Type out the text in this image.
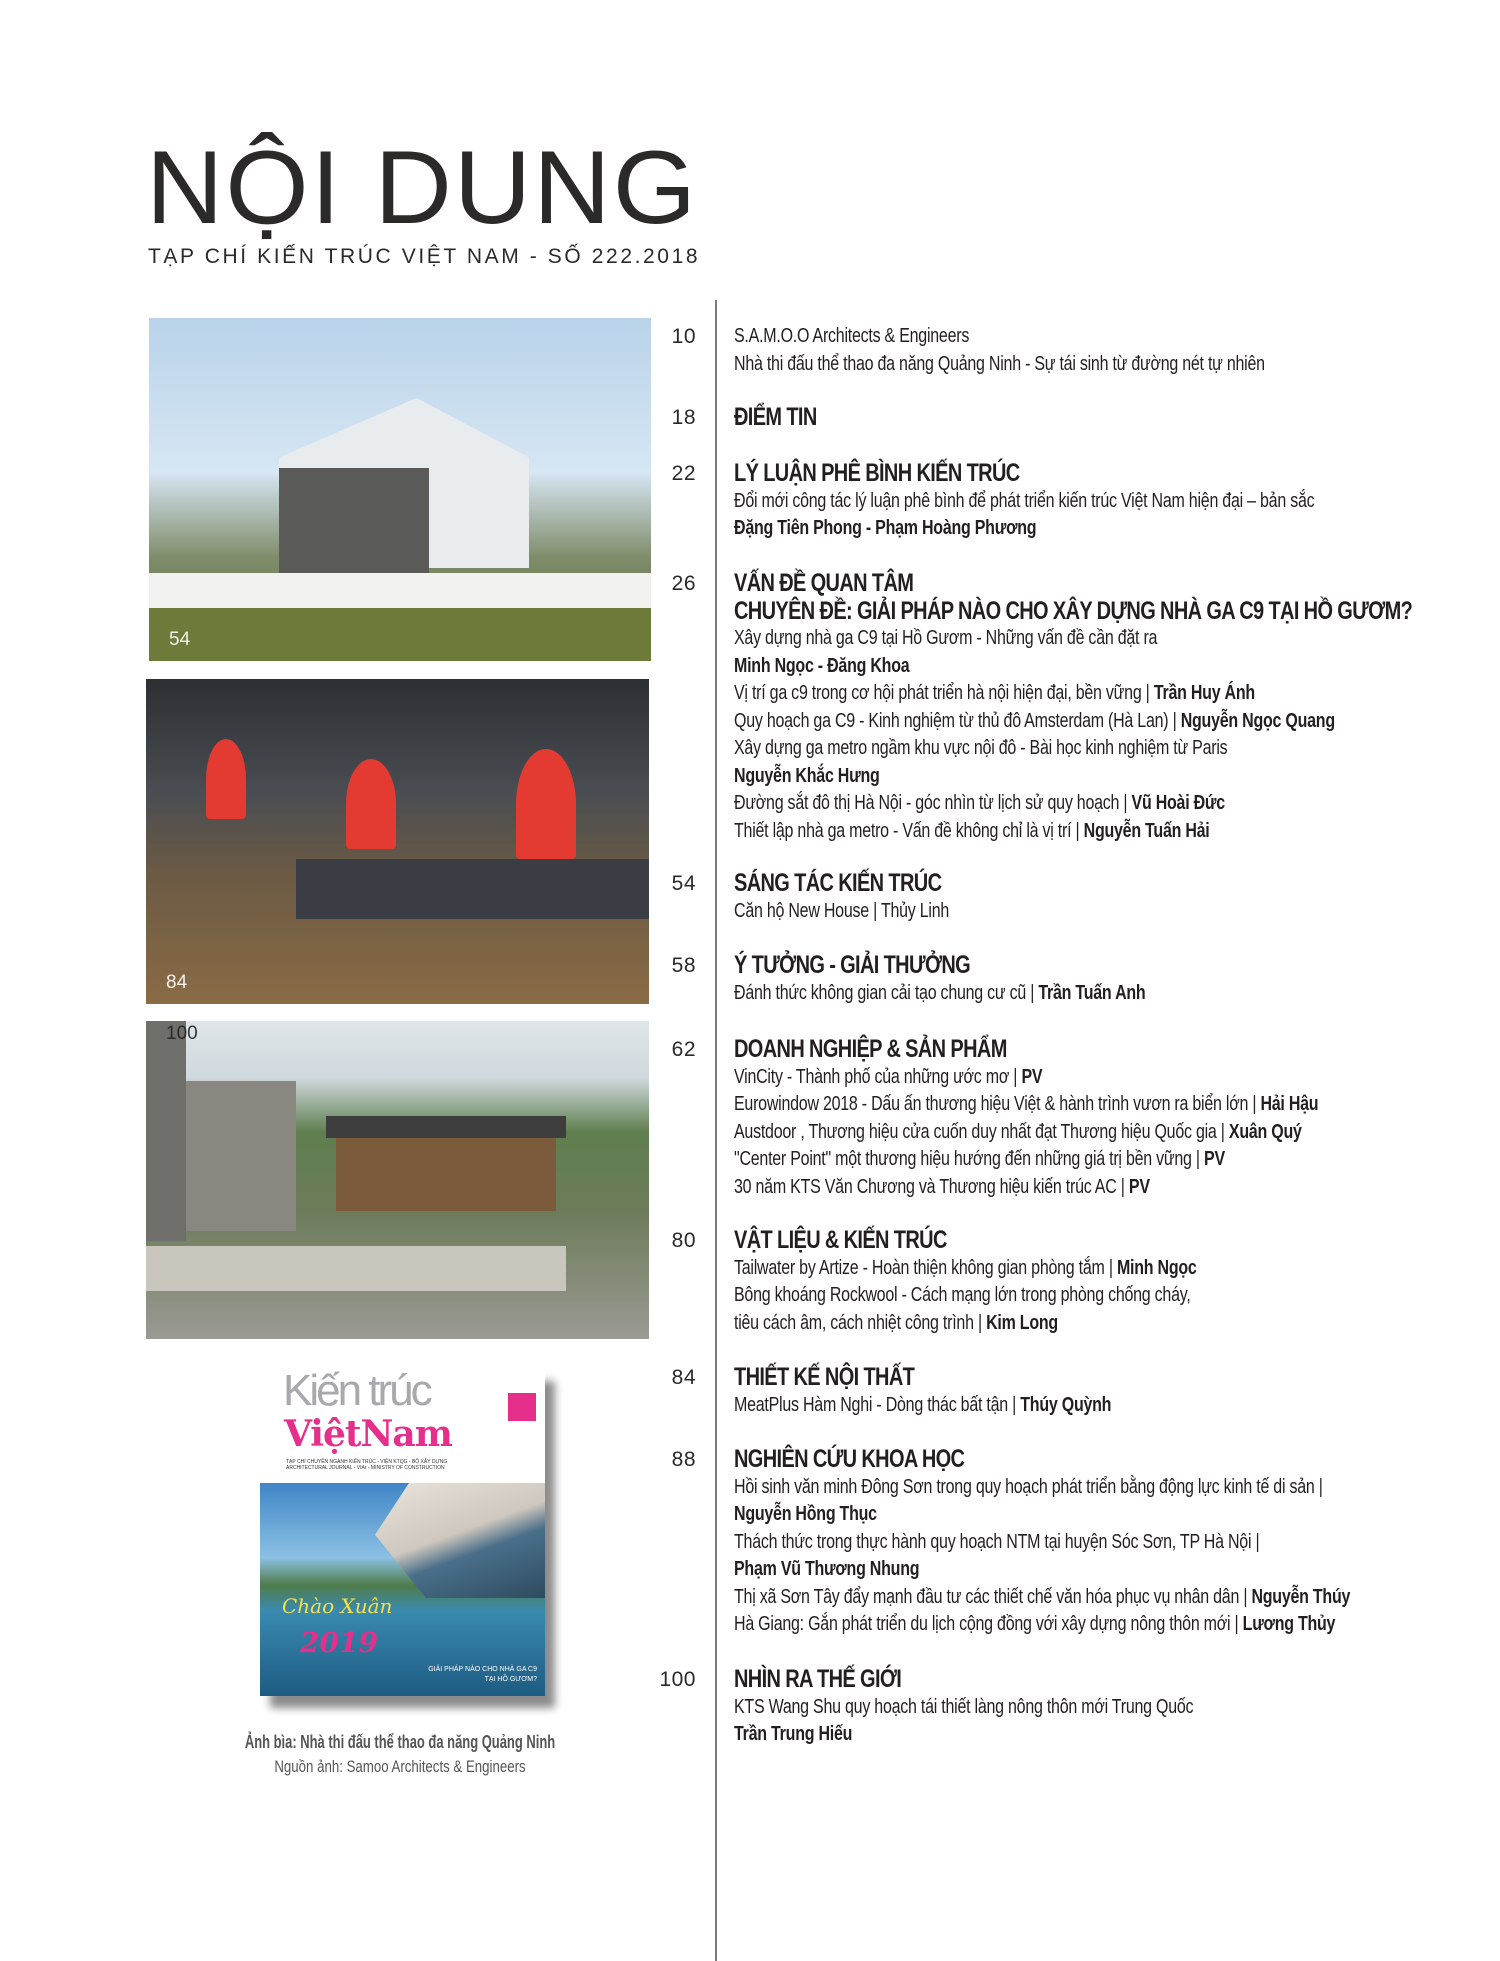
NỘI DUNG
TẠP CHÍ KIẾN TRÚC VIỆT NAM - SỐ 222.2018
54
84
100
Kiến trúc
ViệtNam
TẠP CHÍ CHUYÊN NGÀNH KIẾN TRÚC - VIỆN KTQG - BỘ XÂY DỰNG
ARCHITECTURAL JOURNAL - VIAr - MINISTRY OF CONSTRUCTION
Chào Xuân
2019
GIẢI PHÁP NÀO CHO NHÀ GA C9
TẠI HỒ GƯƠM?
Ảnh bìa: Nhà thi đấu thể thao đa năng Quảng Ninh
Nguồn ảnh: Samoo Architects & Engineers
10 S.A.M.O.O Architects & Engineers
Nhà thi đấu thể thao đa năng Quảng Ninh - Sự tái sinh từ đường nét tự nhiên
18 ĐIỂM TIN
22 LÝ LUẬN PHÊ BÌNH KIẾN TRÚC
Đổi mới công tác lý luận phê bình để phát triển kiến trúc Việt Nam hiện đại – bản sắc
Đặng Tiên Phong - Phạm Hoàng Phương
26 VẤN ĐỀ QUAN TÂM
CHUYÊN ĐỀ: GIẢI PHÁP NÀO CHO XÂY DỰNG NHÀ GA C9 TẠI HỒ GƯƠM?
Xây dựng nhà ga C9 tại Hồ Gươm - Những vấn đề cần đặt ra
Minh Ngọc - Đăng Khoa
Vị trí ga c9 trong cơ hội phát triển hà nội hiện đại, bền vững | Trần Huy Ánh
Quy hoạch ga C9 - Kinh nghiệm từ thủ đô Amsterdam (Hà Lan) | Nguyễn Ngọc Quang
Xây dựng ga metro ngầm khu vực nội đô - Bài học kinh nghiệm từ Paris
Nguyễn Khắc Hưng
Đường sắt đô thị Hà Nội - góc nhìn từ lịch sử quy hoạch | Vũ Hoài Đức
Thiết lập nhà ga metro - Vấn đề không chỉ là vị trí | Nguyễn Tuấn Hải
54 SÁNG TÁC KIẾN TRÚC
Căn hộ New House | Thủy Linh
58 Ý TƯỞNG - GIẢI THƯỞNG
Đánh thức không gian cải tạo chung cư cũ | Trần Tuấn Anh
62 DOANH NGHIỆP & SẢN PHẨM
VinCity - Thành phố của những ước mơ | PV
Eurowindow 2018 - Dấu ấn thương hiệu Việt & hành trình vươn ra biển lớn | Hải Hậu
Austdoor , Thương hiệu cửa cuốn duy nhất đạt Thương hiệu Quốc gia | Xuân Quý
"Center Point" một thương hiệu hướng đến những giá trị bền vững | PV
30 năm KTS Văn Chương và Thương hiệu kiến trúc AC | PV
80 VẬT LIỆU & KIẾN TRÚC
Tailwater by Artize - Hoàn thiện không gian phòng tắm | Minh Ngọc
Bông khoáng Rockwool - Cách mạng lớn trong phòng chống cháy,
tiêu cách âm, cách nhiệt công trình | Kim Long
84 THIẾT KẾ NỘI THẤT
MeatPlus Hàm Nghi - Dòng thác bất tận | Thúy Quỳnh
88 NGHIÊN CỨU KHOA HỌC
Hồi sinh văn minh Đông Sơn trong quy hoạch phát triển bằng động lực kinh tế di sản |
Nguyễn Hồng Thục
Thách thức trong thực hành quy hoạch NTM tại huyện Sóc Sơn, TP Hà Nội |
Phạm Vũ Thương Nhung
Thị xã Sơn Tây đẩy mạnh đầu tư các thiết chế văn hóa phục vụ nhân dân | Nguyễn Thúy
Hà Giang: Gắn phát triển du lịch cộng đồng với xây dựng nông thôn mới | Lương Thủy
100 NHÌN RA THẾ GIỚI
KTS Wang Shu quy hoạch tái thiết làng nông thôn mới Trung Quốc
Trần Trung Hiếu
